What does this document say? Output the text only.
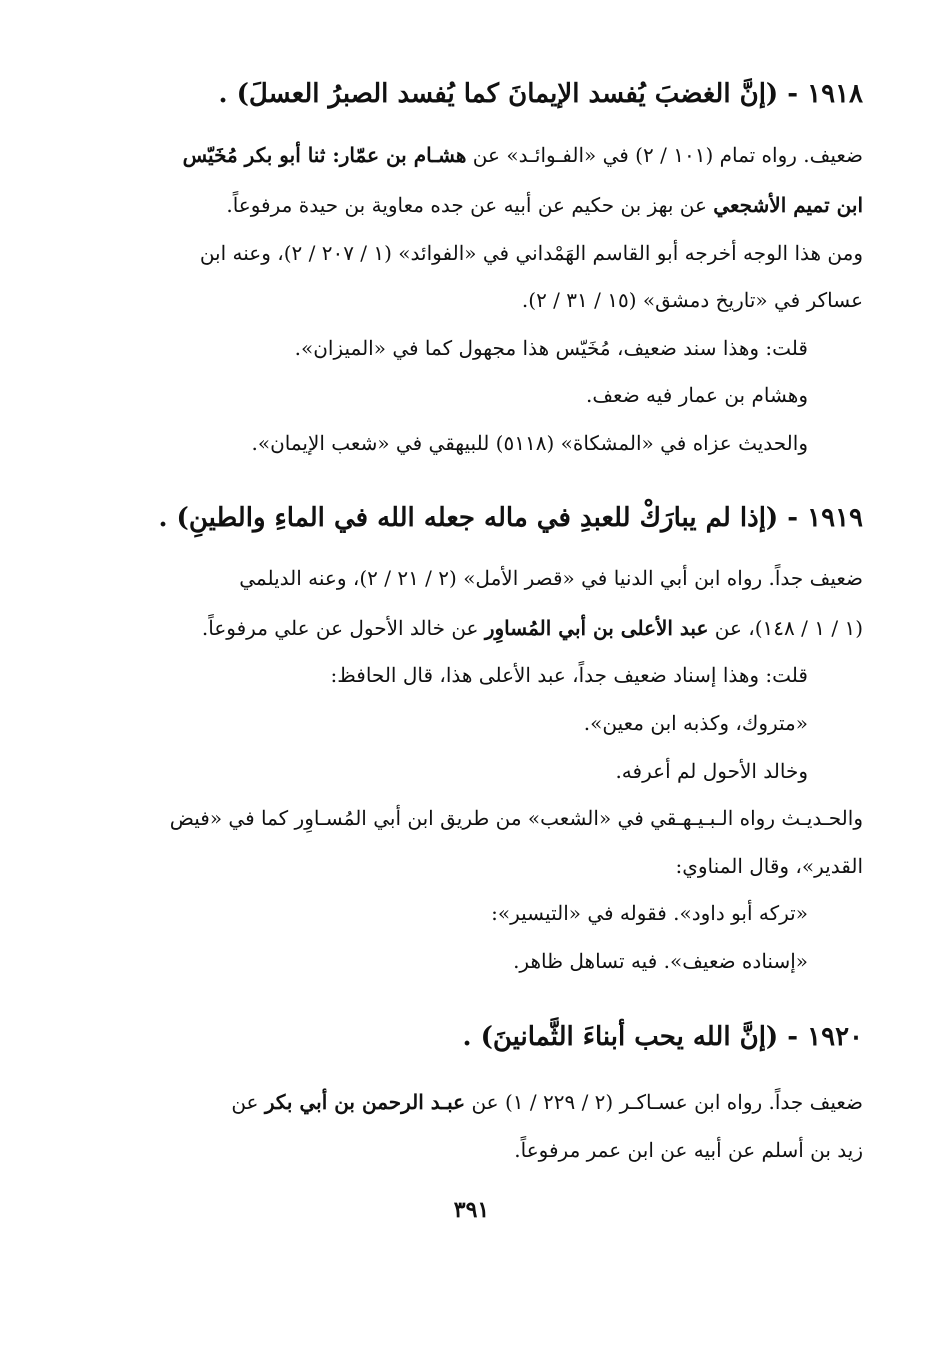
١٩١٨ - (إنَّ الغضبَ يُفسد الإيمانَ كما يُفسد الصبرُ العسلَ) .
ضعيف. رواه تمام (١٠١ / ٢) في «الفـوائـد» عن هشـام بن عمّار: ثنا أبو بكر مُخَيّس
ابن تميم الأشجعي عن بهز بن حكيم عن أبيه عن جده معاوية بن حيدة مرفوعاً.
ومن هذا الوجه أخرجه أبو القاسم الهَمْداني في «الفوائد» (١ / ٢٠٧ / ٢)، وعنه ابن
عساكر في «تاريخ دمشق» (١٥ / ٣١ / ٢).
قلت: وهذا سند ضعيف، مُخَيّس هذا مجهول كما في «الميزان».
وهشام بن عمار فيه ضعف.
والحديث عزاه في «المشكاة» (٥١١٨) للبيهقي في «شعب الإيمان».
١٩١٩ - (إذا لم يبارَكْ للعبدِ في ماله جعله الله في الماءِ والطينِ) .
ضعيف جداً. رواه ابن أبي الدنيا في «قصر الأمل» (٢ / ٢١ / ٢)، وعنه الديلمي
(١ / ١ / ١٤٨)، عن عبد الأعلى بن أبي المُساوِر عن خالد الأحول عن علي مرفوعاً.
قلت: وهذا إسناد ضعيف جداً، عبد الأعلى هذا، قال الحافظ:
«متروك، وكذبه ابن معين».
وخالد الأحول لم أعرفه.
والحـديـث رواه الـبـيـهـقي في «الشعب» من طريق ابن أبي المُسـاوِر كما في «فيض
القدير»، وقال المناوي:
«تركه أبو داود». فقوله في «التيسير»:
«إسناده ضعيف». فيه تساهل ظاهر.
١٩٢٠ - (إنَّ الله يحب أبناءَ الثَّمانينَ) .
ضعيف جداً. رواه ابن عسـاكـر (٢ / ٢٢٩ / ١) عن عبـد الرحمن بن أبي بكر عن
زيد بن أسلم عن أبيه عن ابن عمر مرفوعاً.
٣٩١
